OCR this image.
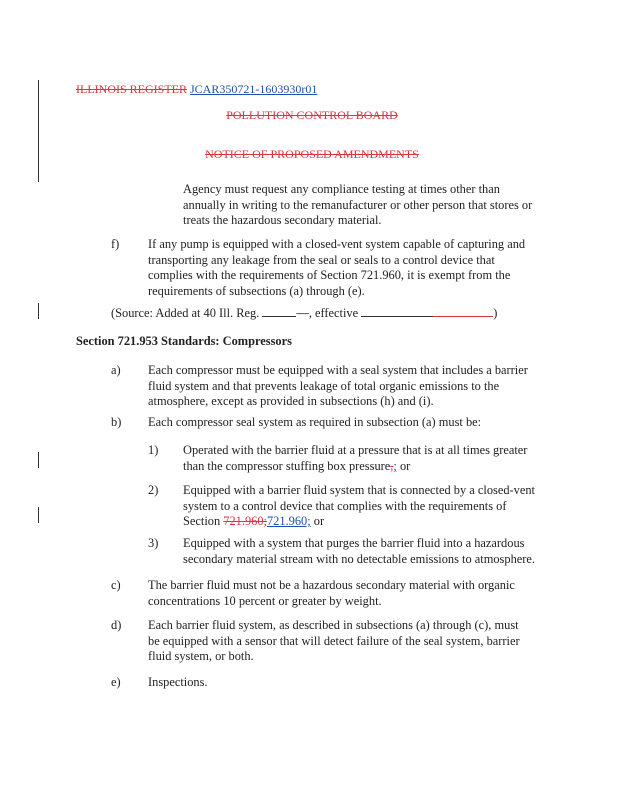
ILLINOIS REGISTER JCAR350721-1603930r01
POLLUTION CONTROL BOARD
NOTICE OF PROPOSED AMENDMENTS
Agency must request any compliance testing at times other than annually in writing to the remanufacturer or other person that stores or treats the hazardous secondary material.
f) If any pump is equipped with a closed-vent system capable of capturing and transporting any leakage from the seal or seals to a control device that complies with the requirements of Section 721.960, it is exempt from the requirements of subsections (a) through (e).
(Source: Added at 40 Ill. Reg.	—, effective	)
Section 721.953 Standards: Compressors
a) Each compressor must be equipped with a seal system that includes a barrier fluid system and that prevents leakage of total organic emissions to the atmosphere, except as provided in subsections (h) and (i).
b) Each compressor seal system as required in subsection (a) must be:
1) Operated with the barrier fluid at a pressure that is at all times greater than the compressor stuffing box pressure,; or
2) Equipped with a barrier fluid system that is connected by a closed-vent system to a control device that complies with the requirements of Section 721.960;721.960; or
3) Equipped with a system that purges the barrier fluid into a hazardous secondary material stream with no detectable emissions to atmosphere.
c) The barrier fluid must not be a hazardous secondary material with organic concentrations 10 percent or greater by weight.
d) Each barrier fluid system, as described in subsections (a) through (c), must be equipped with a sensor that will detect failure of the seal system, barrier fluid system, or both.
e) Inspections.
